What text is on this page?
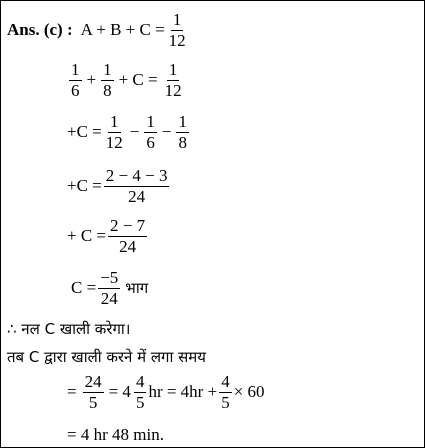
Ans. (c) : $A + B + C = \frac{1}{12}$
$\frac{1}{6} + \frac{1}{8} + C = \frac{1}{12}$
$+C = \frac{1}{12} - \frac{1}{6} - \frac{1}{8}$
$+C = \frac{2 - 4 - 3}{24}$
+ $C = \frac{2 - 7}{24}$
$C = \frac{-5}{24}$ भाग
∴ नल C खाली करेगा।
तब C द्वारा खाली करने में लगा समय
= $\frac{24}{5} = 4 \frac{4}{5}$ hr = $4hr + \frac{4}{5} \times 60$
= 4 hr 48 min.
